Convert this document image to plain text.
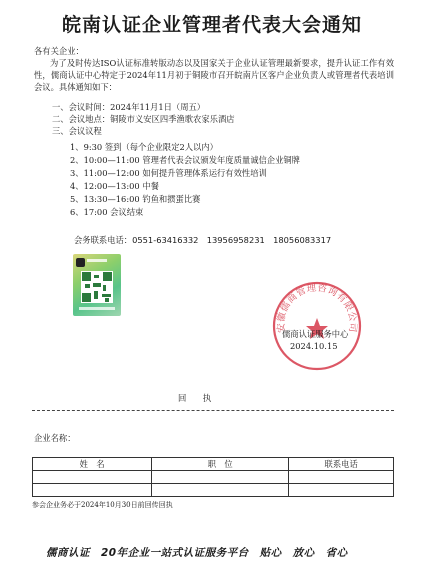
皖南认证企业管理者代表大会通知
各有关企业：
为了及时传达ISO认证标准转版动态以及国家关于企业认证管理最新要求，提升认证工作有效性，儒商认证中心特定于2024年11月初于铜陵市召开皖南片区客户企业负责人或管理者代表培训会议。具体通知如下：
一、会议时间：2024年11月1日（周五）
二、会议地点：铜陵市义安区四季渔歌农家乐酒店
三、会议议程
1、9:30 签到（每个企业限定2人以内）
2、10:00—11:00 管理者代表会议颁发年度质量诚信企业铜牌
3、11:00—12:00 如何提升管理体系运行有效性培训
4、12:00—13:00 中餐
5、13:30—16:00 钓鱼和掼蛋比赛
6、17:00 会议结束
会务联系电话：0551-63416332　13956958231　18056083317
安徽儒商管理咨询有限公司
儒商认证服务中心
2024.10.15
回　　执
企业名称：
姓　名	职　位	联系电话

参会企业务必于2024年10月30日前回传回执
儒商认证　20年企业一站式认证服务平台　贴心　放心　省心
